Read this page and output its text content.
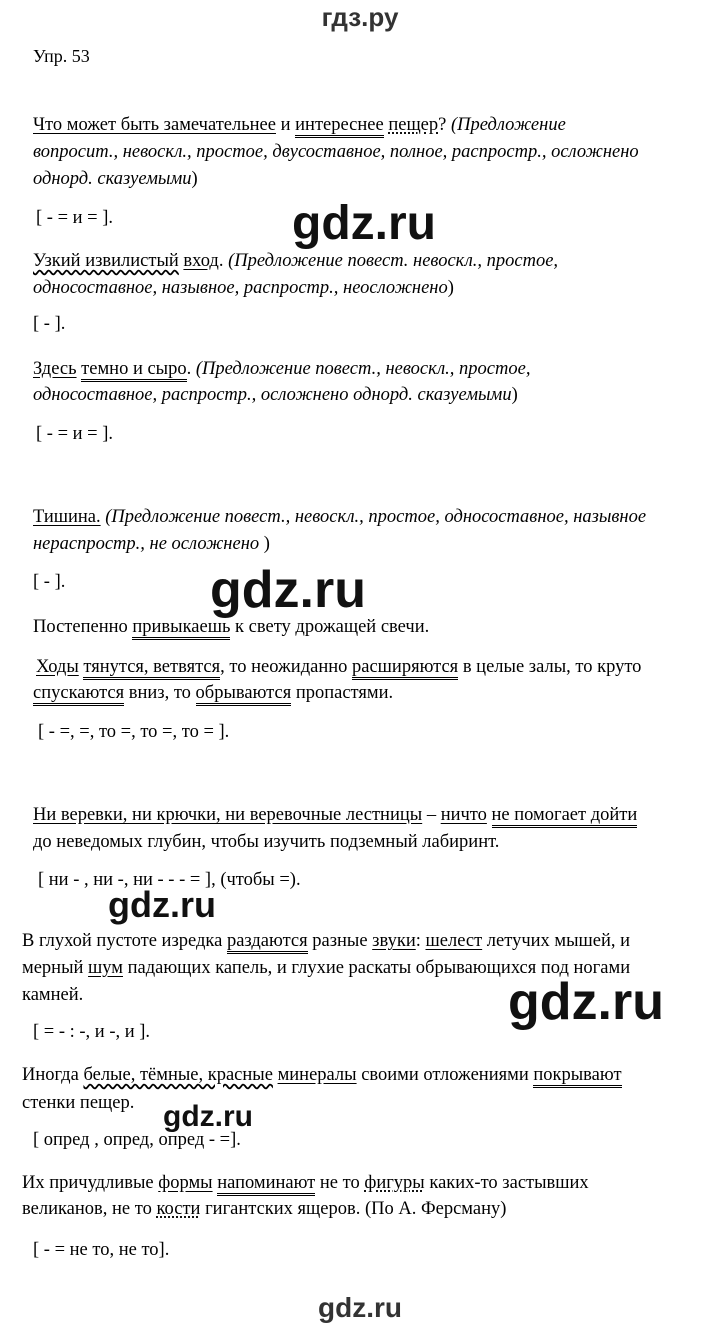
гдз.ру
Упр. 53
Что может быть замечательнее и интереснее пещер? (Предложение
вопросит., невоскл., простое, двусоставное, полное, распростр., осложнено
однорд. сказуемыми)
[ - = и = ].
Узкий извилистый вход. (Предложение повест. невоскл., простое,
односоставное, назывное, распростр., неосложнено)
[ - ].
Здесь темно и сыро. (Предложение повест., невоскл., простое,
односоставное, распростр., осложнено однорд. сказуемыми)
[ - = и = ].
Тишина. (Предложение повест., невоскл., простое, односоставное, назывное
нераспростр., не осложнено )
[ - ].
Постепенно привыкаешь к свету дрожащей свечи.
Ходы тянутся, ветвятся, то неожиданно расширяются в целые залы, то круто
спускаются вниз, то обрываются пропастями.
[ - =, =, то =, то =, то = ].
Ни веревки, ни крючки, ни веревочные лестницы – ничто не помогает дойти
до неведомых глубин, чтобы изучить подземный лабиринт.
[ ни - , ни -, ни - - - = ], (чтобы =).
В глухой пустоте изредка раздаются разные звуки: шелест летучих мышей, и
мерный шум падающих капель, и глухие раскаты обрывающихся под ногами
камней.
[ = - : -, и -, и ].
Иногда белые, тёмные, красные минералы своими отложениями покрывают
стенки пещер.
[ опред , опред, опред - =].
Их причудливые формы напоминают не то фигуры каких-то застывших
великанов, не то кости гигантских ящеров. (По А. Ферсману)
[ - = не то, не то].
gdz.ru
gdz.ru
gdz.ru
gdz.ru
gdz.ru
gdz.ru
